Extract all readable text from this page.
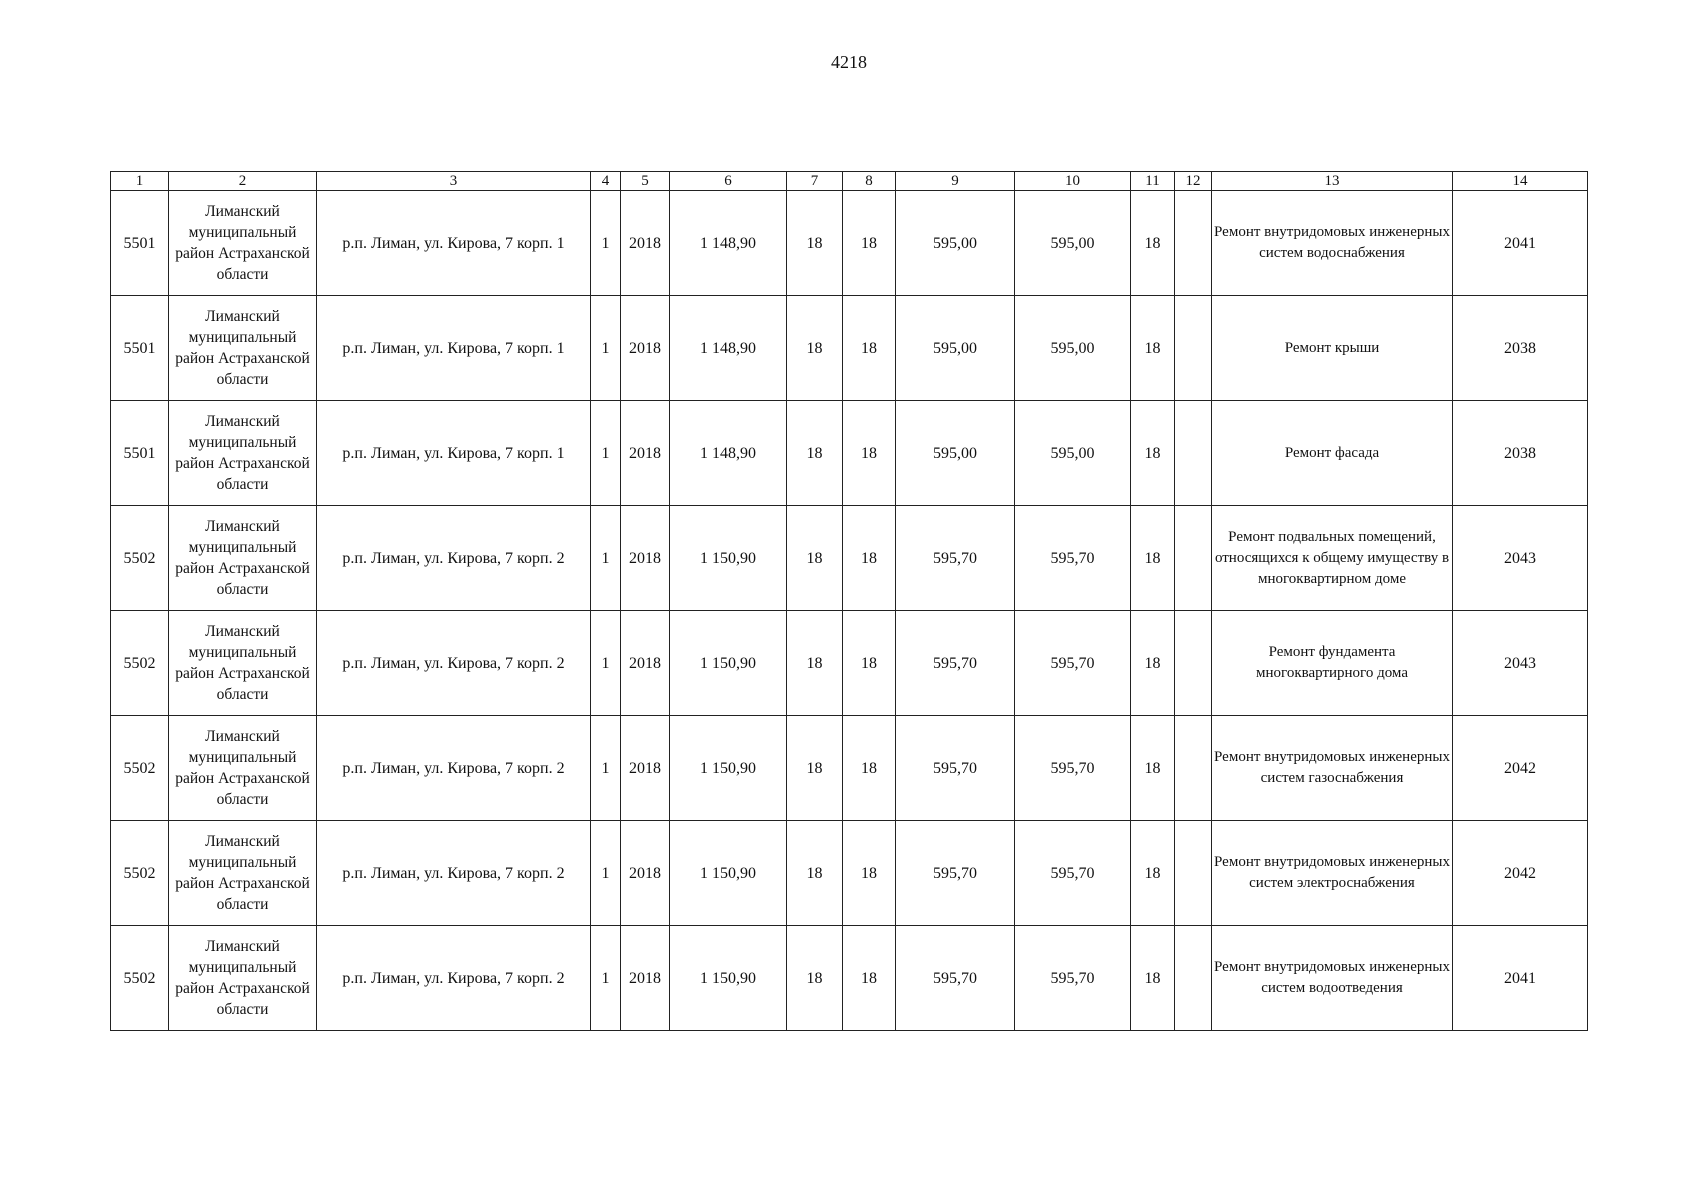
4218
1	2	3	4	5	6	7	8	9	10	11	12	13	14
5501	Лиманский муниципальный район Астраханской области	р.п. Лиман, ул. Кирова, 7 корп. 1	1	2018	1 148,90	18	18	595,00	595,00	18		Ремонт внутридомовых инженерных систем водоснабжения	2041
5501	Лиманский муниципальный район Астраханской области	р.п. Лиман, ул. Кирова, 7 корп. 1	1	2018	1 148,90	18	18	595,00	595,00	18		Ремонт крыши	2038
5501	Лиманский муниципальный район Астраханской области	р.п. Лиман, ул. Кирова, 7 корп. 1	1	2018	1 148,90	18	18	595,00	595,00	18		Ремонт фасада	2038
5502	Лиманский муниципальный район Астраханской области	р.п. Лиман, ул. Кирова, 7 корп. 2	1	2018	1 150,90	18	18	595,70	595,70	18		Ремонт подвальных помещений, относящихся к общему имуществу в многоквартирном доме	2043
5502	Лиманский муниципальный район Астраханской области	р.п. Лиман, ул. Кирова, 7 корп. 2	1	2018	1 150,90	18	18	595,70	595,70	18		Ремонт фундамента многоквартирного дома	2043
5502	Лиманский муниципальный район Астраханской области	р.п. Лиман, ул. Кирова, 7 корп. 2	1	2018	1 150,90	18	18	595,70	595,70	18		Ремонт внутридомовых инженерных систем газоснабжения	2042
5502	Лиманский муниципальный район Астраханской области	р.п. Лиман, ул. Кирова, 7 корп. 2	1	2018	1 150,90	18	18	595,70	595,70	18		Ремонт внутридомовых инженерных систем электроснабжения	2042
5502	Лиманский муниципальный район Астраханской области	р.п. Лиман, ул. Кирова, 7 корп. 2	1	2018	1 150,90	18	18	595,70	595,70	18		Ремонт внутридомовых инженерных систем водоотведения	2041
